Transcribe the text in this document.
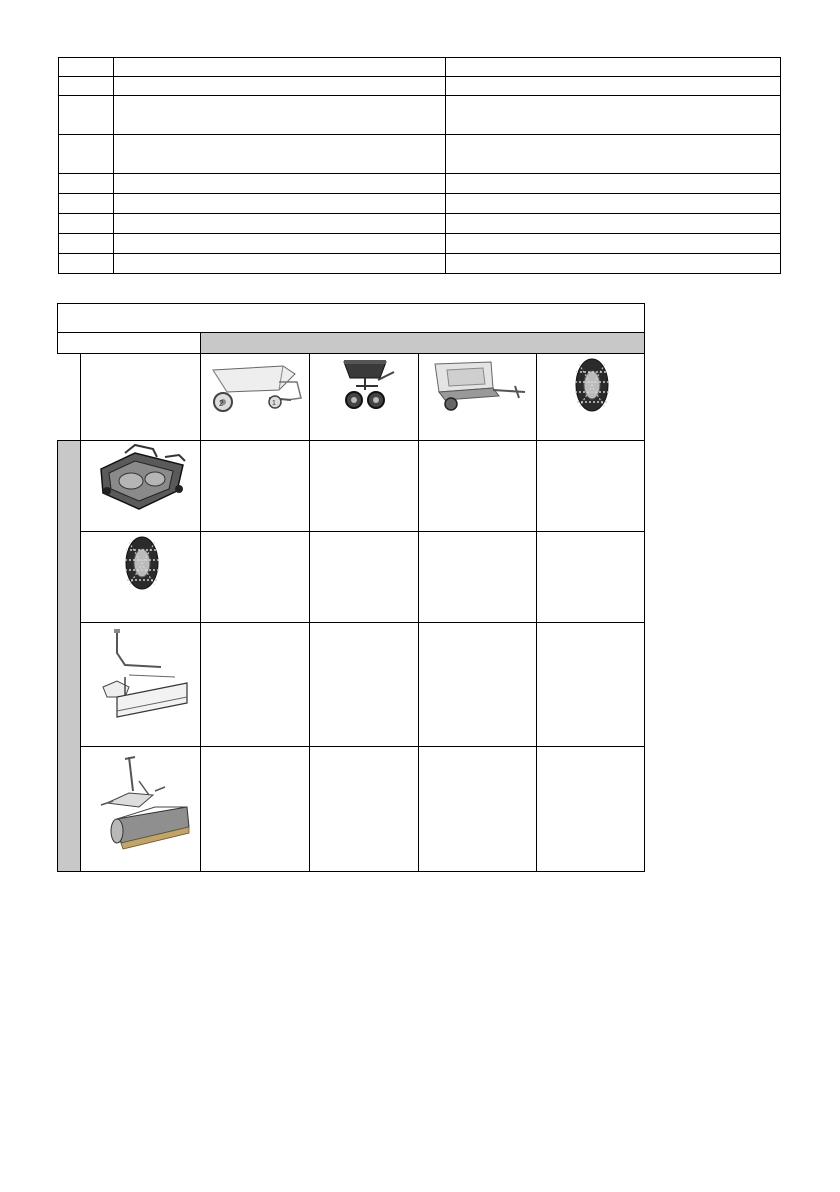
2	1
